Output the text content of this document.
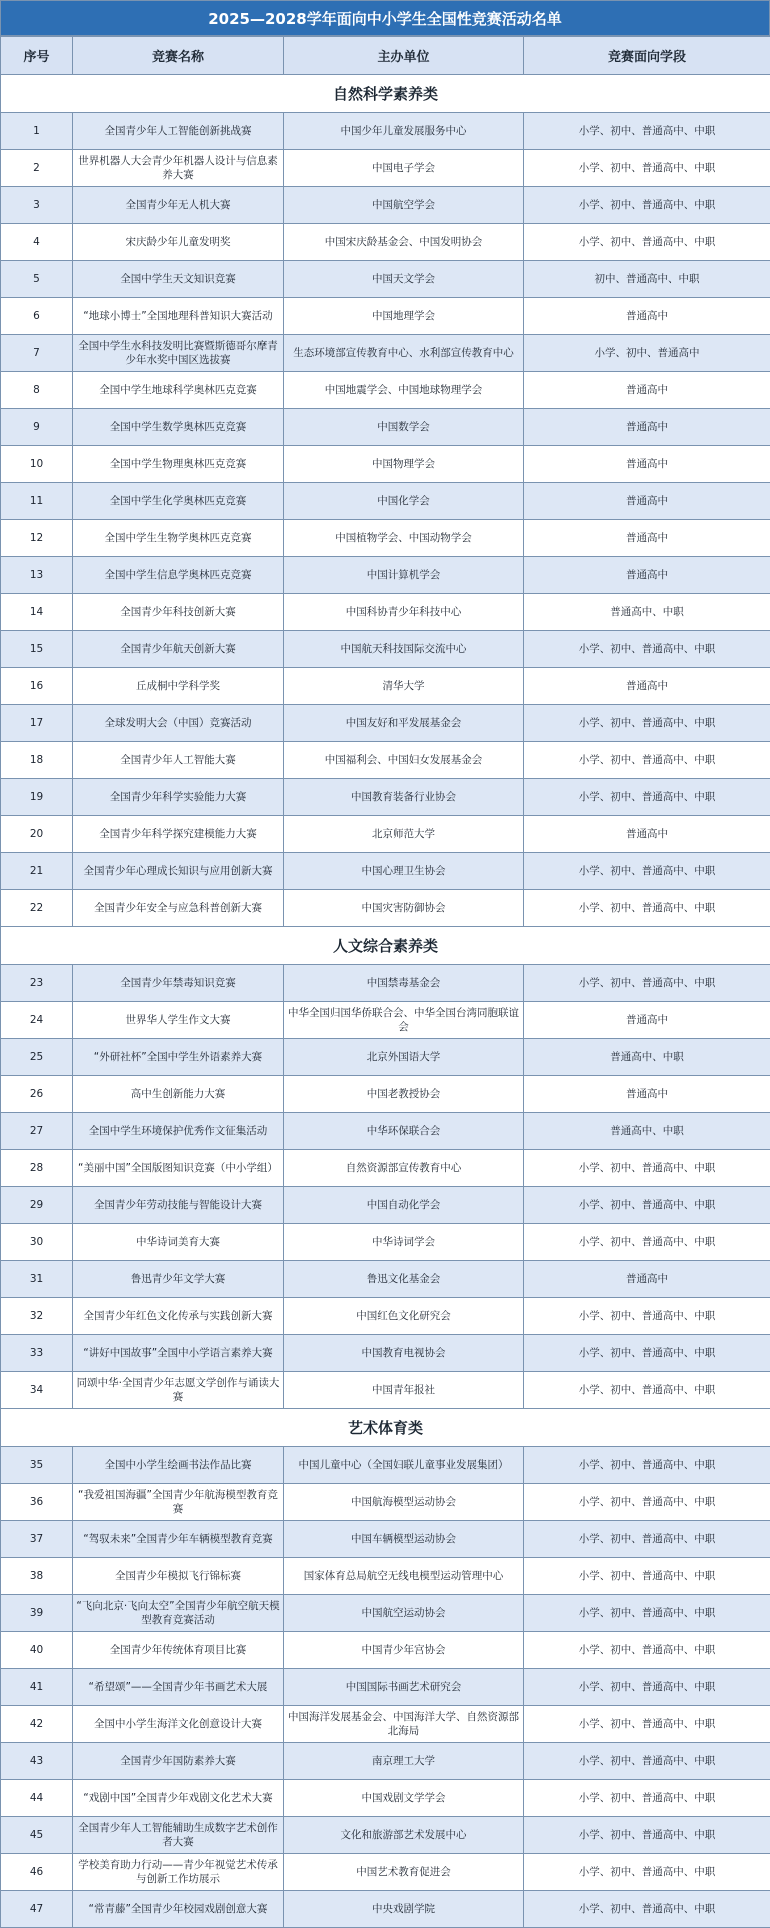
2025—2028学年面向中小学生全国性竞赛活动名单
序号	竞赛名称	主办单位	竞赛面向学段
自然科学素养类			
1	全国青少年人工智能创新挑战赛	中国少年儿童发展服务中心	小学、初中、普通高中、中职
2	世界机器人大会青少年机器人设计与信息素养大赛	中国电子学会	小学、初中、普通高中、中职
3	全国青少年无人机大赛	中国航空学会	小学、初中、普通高中、中职
4	宋庆龄少年儿童发明奖	中国宋庆龄基金会、中国发明协会	小学、初中、普通高中、中职
5	全国中学生天文知识竞赛	中国天文学会	初中、普通高中、中职
6	“地球小博士”全国地理科普知识大赛活动	中国地理学会	普通高中
7	全国中学生水科技发明比赛暨斯德哥尔摩青少年水奖中国区选拔赛	生态环境部宣传教育中心、水利部宣传教育中心	小学、初中、普通高中
8	全国中学生地球科学奥林匹克竞赛	中国地震学会、中国地球物理学会	普通高中
9	全国中学生数学奥林匹克竞赛	中国数学会	普通高中
10	全国中学生物理奥林匹克竞赛	中国物理学会	普通高中
11	全国中学生化学奥林匹克竞赛	中国化学会	普通高中
12	全国中学生生物学奥林匹克竞赛	中国植物学会、中国动物学会	普通高中
13	全国中学生信息学奥林匹克竞赛	中国计算机学会	普通高中
14	全国青少年科技创新大赛	中国科协青少年科技中心	普通高中、中职
15	全国青少年航天创新大赛	中国航天科技国际交流中心	小学、初中、普通高中、中职
16	丘成桐中学科学奖	清华大学	普通高中
17	全球发明大会（中国）竞赛活动	中国友好和平发展基金会	小学、初中、普通高中、中职
18	全国青少年人工智能大赛	中国福利会、中国妇女发展基金会	小学、初中、普通高中、中职
19	全国青少年科学实验能力大赛	中国教育装备行业协会	小学、初中、普通高中、中职
20	全国青少年科学探究建模能力大赛	北京师范大学	普通高中
21	全国青少年心理成长知识与应用创新大赛	中国心理卫生协会	小学、初中、普通高中、中职
22	全国青少年安全与应急科普创新大赛	中国灾害防御协会	小学、初中、普通高中、中职
人文综合素养类			
23	全国青少年禁毒知识竞赛	中国禁毒基金会	小学、初中、普通高中、中职
24	世界华人学生作文大赛	中华全国归国华侨联合会、中华全国台湾同胞联谊会	普通高中
25	“外研社杯”全国中学生外语素养大赛	北京外国语大学	普通高中、中职
26	高中生创新能力大赛	中国老教授协会	普通高中
27	全国中学生环境保护优秀作文征集活动	中华环保联合会	普通高中、中职
28	“美丽中国”全国版图知识竞赛（中小学组）	自然资源部宣传教育中心	小学、初中、普通高中、中职
29	全国青少年劳动技能与智能设计大赛	中国自动化学会	小学、初中、普通高中、中职
30	中华诗词美育大赛	中华诗词学会	小学、初中、普通高中、中职
31	鲁迅青少年文学大赛	鲁迅文化基金会	普通高中
32	全国青少年红色文化传承与实践创新大赛	中国红色文化研究会	小学、初中、普通高中、中职
33	“讲好中国故事”全国中小学语言素养大赛	中国教育电视协会	小学、初中、普通高中、中职
34	同颂中华·全国青少年志愿文学创作与诵读大赛	中国青年报社	小学、初中、普通高中、中职
艺术体育类			
35	全国中小学生绘画书法作品比赛	中国儿童中心（全国妇联儿童事业发展集团）	小学、初中、普通高中、中职
36	“我爱祖国海疆”全国青少年航海模型教育竞赛	中国航海模型运动协会	小学、初中、普通高中、中职
37	“驾驭未来”全国青少年车辆模型教育竞赛	中国车辆模型运动协会	小学、初中、普通高中、中职
38	全国青少年模拟飞行锦标赛	国家体育总局航空无线电模型运动管理中心	小学、初中、普通高中、中职
39	“飞向北京·飞向太空”全国青少年航空航天模型教育竞赛活动	中国航空运动协会	小学、初中、普通高中、中职
40	全国青少年传统体育项目比赛	中国青少年宫协会	小学、初中、普通高中、中职
41	“希望颂”——全国青少年书画艺术大展	中国国际书画艺术研究会	小学、初中、普通高中、中职
42	全国中小学生海洋文化创意设计大赛	中国海洋发展基金会、中国海洋大学、自然资源部北海局	小学、初中、普通高中、中职
43	全国青少年国防素养大赛	南京理工大学	小学、初中、普通高中、中职
44	“戏剧中国”全国青少年戏剧文化艺术大赛	中国戏剧文学学会	小学、初中、普通高中、中职
45	全国青少年人工智能辅助生成数字艺术创作者大赛	文化和旅游部艺术发展中心	小学、初中、普通高中、中职
46	学校美育助力行动——青少年视觉艺术传承与创新工作坊展示	中国艺术教育促进会	小学、初中、普通高中、中职
47	“常青藤”全国青少年校园戏剧创意大赛	中央戏剧学院	小学、初中、普通高中、中职
